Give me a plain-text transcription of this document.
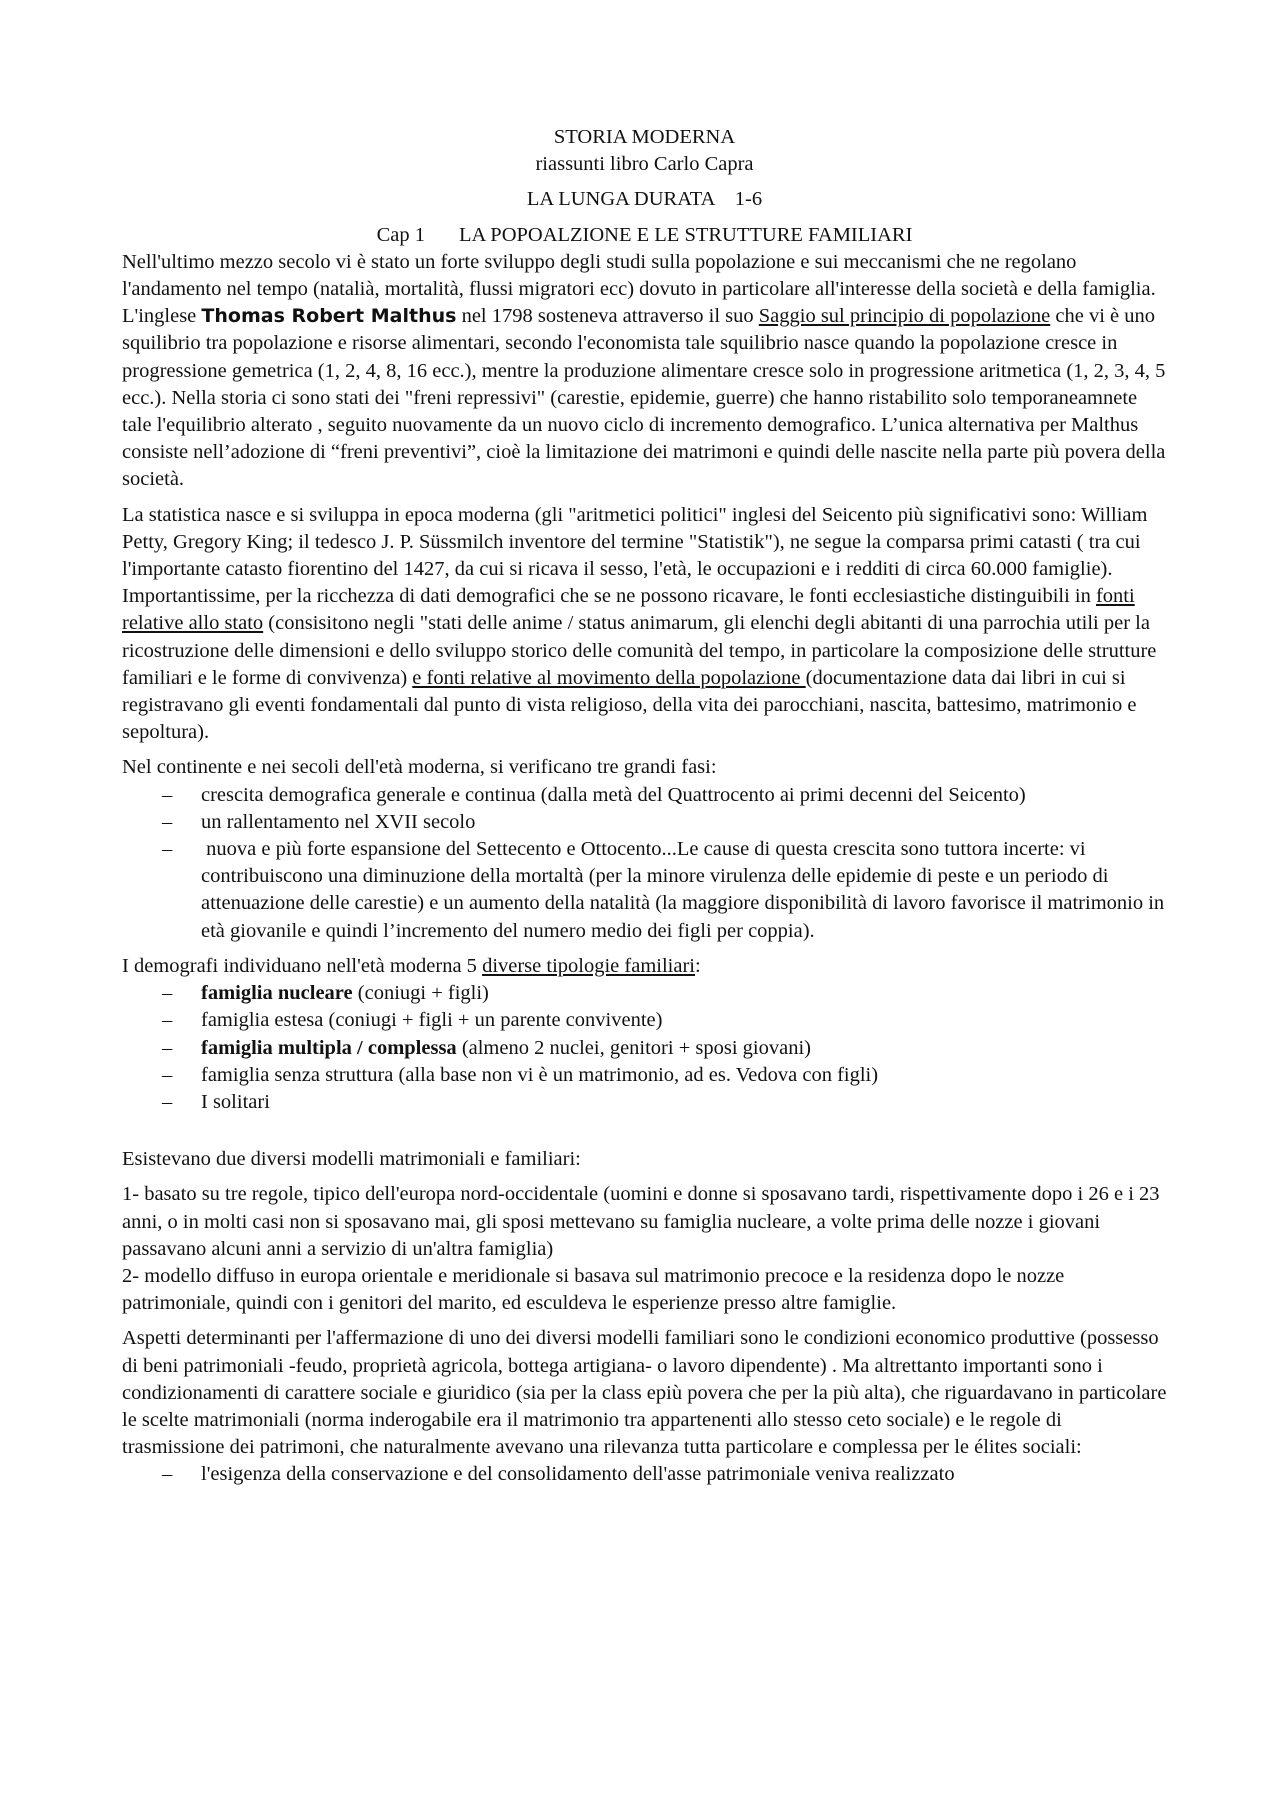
STORIA MODERNA

riassunti libro Carlo Capra

LA LUNGA DURATA    1-6

Cap 1 LA POPOALZIONE E LE STRUTTURE FAMILIARI

Nell'ultimo mezzo secolo vi è stato un forte sviluppo degli studi sulla popolazione e sui meccanismi che ne regolano l'andamento nel tempo (natalià, mortalità, flussi migratori ecc) dovuto in particolare all'interesse della società e della famiglia. L'inglese Thomas Robert Malthus nel 1798 sosteneva attraverso il suo Saggio sul principio di popolazione che vi è uno squilibrio tra popolazione e risorse alimentari, secondo l'economista tale squilibrio nasce quando la popolazione cresce in progressione gemetrica (1, 2, 4, 8, 16 ecc.), mentre la produzione alimentare cresce solo in progressione aritmetica (1, 2, 3, 4, 5 ecc.). Nella storia ci sono stati dei "freni repressivi" (carestie, epidemie, guerre) che hanno ristabilito solo temporaneamnete tale l'equilibrio alterato , seguito nuovamente da un nuovo ciclo di incremento demografico. L’unica alternativa per Malthus consiste nell’adozione di “freni preventivi”, cioè la limitazione dei matrimoni e quindi delle nascite nella parte più povera della società.

La statistica nasce e si sviluppa in epoca moderna (gli "aritmetici politici" inglesi del Seicento più significativi sono: William Petty, Gregory King; il tedesco J. P. Süssmilch inventore del termine "Statistik"), ne segue la comparsa primi catasti ( tra cui l'importante catasto fiorentino del 1427, da cui si ricava il sesso, l'età, le occupazioni e i redditi di circa 60.000 famiglie).

Importantissime, per la ricchezza di dati demografici che se ne possono ricavare, le fonti ecclesiastiche distinguibili in fonti relative allo stato (consisitono negli "stati delle anime / status animarum, gli elenchi degli abitanti di una parrochia utili per la ricostruzione delle dimensioni e dello sviluppo storico delle comunità del tempo, in particolare la composizione delle strutture familiari e le forme di convivenza) e fonti relative al movimento della popolazione (documentazione data dai libri in cui si registravano gli eventi fondamentali dal punto di vista religioso, della vita dei parocchiani, nascita, battesimo, matrimonio e sepoltura).

Nel continente e nei secoli dell'età moderna, si verificano tre grandi fasi:

– crescita demografica generale e continua (dalla metà del Quattrocento ai primi decenni del Seicento)
– un rallentamento nel XVII secolo
– nuova e più forte espansione del Settecento e Ottocento...Le cause di questa crescita sono tuttora incerte: vi contribuiscono una diminuzione della mortaltà (per la minore virulenza delle epidemie di peste e un periodo di attenuazione delle carestie) e un aumento della natalità (la maggiore disponibilità di lavoro favorisce il matrimonio in età giovanile e quindi l’incremento del numero medio dei figli per coppia).

I demografi individuano nell'età moderna 5 diverse tipologie familiari:

– famiglia nucleare (coniugi + figli)
– famiglia estesa (coniugi + figli + un parente convivente)
– famiglia multipla / complessa (almeno 2 nuclei, genitori + sposi giovani)
– famiglia senza struttura (alla base non vi è un matrimonio, ad es. Vedova con figli)
– I solitari

Esistevano due diversi modelli matrimoniali e familiari:

1- basato su tre regole, tipico dell'europa nord-occidentale (uomini e donne si sposavano tardi, rispettivamente dopo i 26 e i 23 anni, o in molti casi non si sposavano mai, gli sposi mettevano su famiglia nucleare, a volte prima delle nozze i giovani passavano alcuni anni a servizio di un'altra famiglia)

2- modello diffuso in europa orientale e meridionale si basava sul matrimonio precoce e la residenza dopo le nozze patrimoniale, quindi con i genitori del marito, ed esculdeva le esperienze presso altre famiglie.

Aspetti determinanti per l'affermazione di uno dei diversi modelli familiari sono le condizioni economico produttive (possesso di beni patrimoniali -feudo, proprietà agricola, bottega artigiana- o lavoro dipendente) . Ma altrettanto importanti sono i condizionamenti di carattere sociale e giuridico (sia per la class epiù povera che per la più alta), che riguardavano in particolare le scelte matrimoniali (norma inderogabile era il matrimonio tra appartenenti allo stesso ceto sociale) e le regole di trasmissione dei patrimoni, che naturalmente avevano una rilevanza tutta particolare e complessa per le élites sociali:

– l'esigenza della conservazione e del consolidamento dell'asse patrimoniale veniva realizzato
